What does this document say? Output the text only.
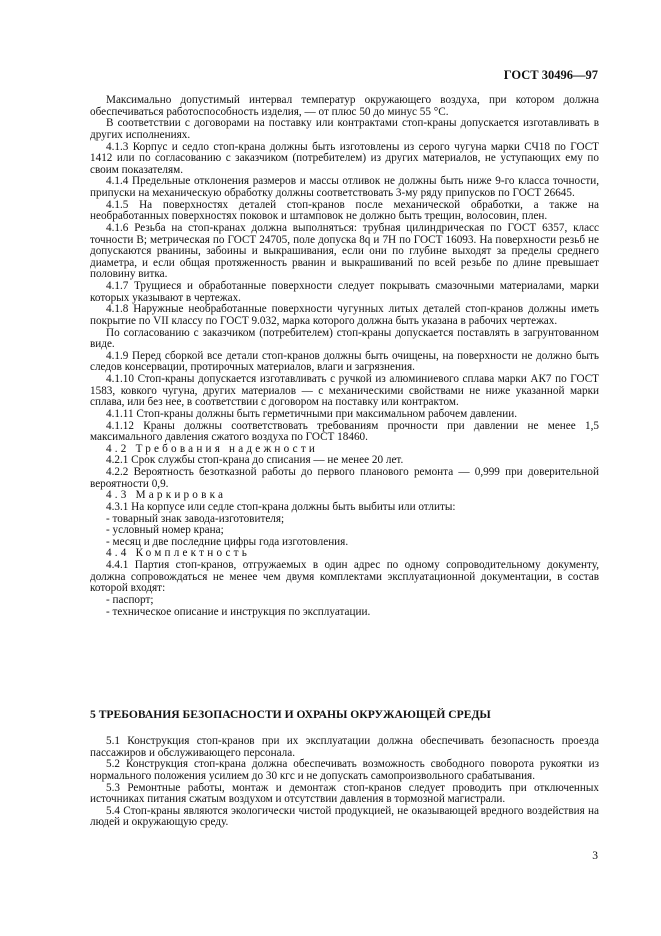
ГОСТ 30496—97

Максимально допустимый интервал температур окружающего воздуха, при котором должна обеспечиваться работоспособность изделия, — от плюс 50 до минус 55 °С.

В соответствии с договорами на поставку или контрактами стоп-краны допускается изготавливать в других исполнениях.

4.1.3 Корпус и седло стоп-крана должны быть изготовлены из серого чугуна марки СЧ18 по ГОСТ 1412 или по согласованию с заказчиком (потребителем) из других материалов, не уступающих ему по своим показателям.

4.1.4 Предельные отклонения размеров и массы отливок не должны быть ниже 9-го класса точности, припуски на механическую обработку должны соответствовать 3-му ряду припусков по ГОСТ 26645.

4.1.5 На поверхностях деталей стоп-кранов после механической обработки, а также на необработанных поверхностях поковок и штамповок не должно быть трещин, волосовин, плен.

4.1.6 Резьба на стоп-кранах должна выполняться: трубная цилиндрическая по ГОСТ 6357, класс точности В; метрическая по ГОСТ 24705, поле допуска 8q и 7Н по ГОСТ 16093. На поверхности резьб не допускаются рванины, забоины и выкрашивания, если они по глубине выходят за пределы среднего диаметра, и если общая протяженность рванин и выкрашиваний по всей резьбе по длине превышает половину витка.

4.1.7 Трущиеся и обработанные поверхности следует покрывать смазочными материалами, марки которых указывают в чертежах.

4.1.8 Наружные необработанные поверхности чугунных литых деталей стоп-кранов должны иметь покрытие по VII классу по ГОСТ 9.032, марка которого должна быть указана в рабочих чертежах.

По согласованию с заказчиком (потребителем) стоп-краны допускается поставлять в загрунтованном виде.

4.1.9 Перед сборкой все детали стоп-кранов должны быть очищены, на поверхности не должно быть следов консервации, протирочных материалов, влаги и загрязнения.

4.1.10 Стоп-краны допускается изготавливать с ручкой из алюминиевого сплава марки АК7 по ГОСТ 1583, ковкого чугуна, других материалов — с механическими свойствами не ниже указанной марки сплава, или без нее, в соответствии с договором на поставку или контрактом.

4.1.11 Стоп-краны должны быть герметичными при максимальном рабочем давлении.

4.1.12 Краны должны соответствовать требованиям прочности при давлении не менее 1,5 максимального давления сжатого воздуха по ГОСТ 18460.

4.2 Требования надежности

4.2.1 Срок службы стоп-крана до списания — не менее 20 лет.

4.2.2 Вероятность безотказной работы до первого планового ремонта — 0,999 при доверительной вероятности 0,9.

4.3 Маркировка

4.3.1 На корпусе или седле стоп-крана должны быть выбиты или отлиты:

- товарный знак завода-изготовителя;

- условный номер крана;

- месяц и две последние цифры года изготовления.

4.4 Комплектность

4.4.1 Партия стоп-кранов, отгружаемых в один адрес по одному сопроводительному документу, должна сопровождаться не менее чем двумя комплектами эксплуатационной документации, в состав которой входят:

- паспорт;

- техническое описание и инструкция по эксплуатации.

5 ТРЕБОВАНИЯ БЕЗОПАСНОСТИ И ОХРАНЫ ОКРУЖАЮЩЕЙ СРЕДЫ

5.1 Конструкция стоп-кранов при их эксплуатации должна обеспечивать безопасность проезда пассажиров и обслуживающего персонала.

5.2 Конструкция стоп-крана должна обеспечивать возможность свободного поворота рукоятки из нормального положения усилием до 30 кгс и не допускать самопроизвольного срабатывания.

5.3 Ремонтные работы, монтаж и демонтаж стоп-кранов следует проводить при отключенных источниках питания сжатым воздухом и отсутствии давления в тормозной магистрали.

5.4 Стоп-краны являются экологически чистой продукцией, не оказывающей вредного воздействия на людей и окружающую среду.

3
